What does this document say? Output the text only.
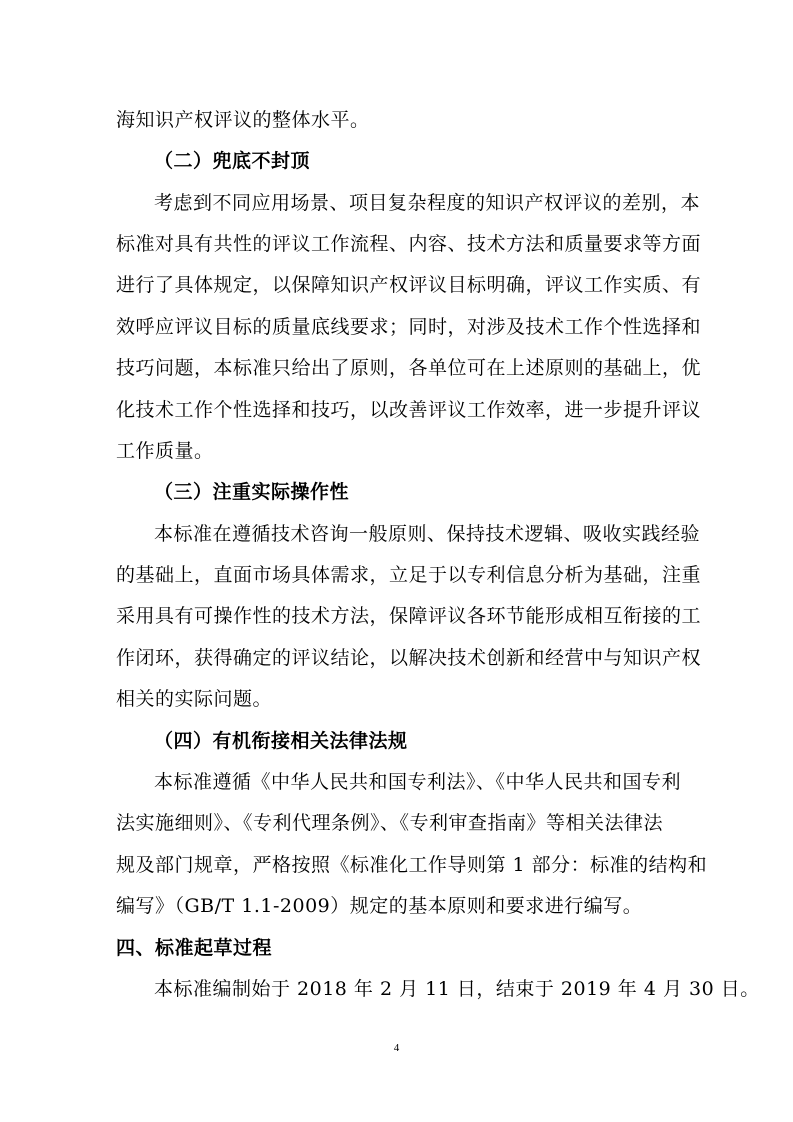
海知识产权评议的整体水平。
（二）兜底不封顶
考虑到不同应用场景、项目复杂程度的知识产权评议的差别，本
标准对具有共性的评议工作流程、内容、技术方法和质量要求等方面
进行了具体规定，以保障知识产权评议目标明确，评议工作实质、有
效呼应评议目标的质量底线要求；同时，对涉及技术工作个性选择和
技巧问题，本标准只给出了原则，各单位可在上述原则的基础上，优
化技术工作个性选择和技巧，以改善评议工作效率，进一步提升评议
工作质量。
（三）注重实际操作性
本标准在遵循技术咨询一般原则、保持技术逻辑、吸收实践经验
的基础上，直面市场具体需求，立足于以专利信息分析为基础，注重
采用具有可操作性的技术方法，保障评议各环节能形成相互衔接的工
作闭环，获得确定的评议结论，以解决技术创新和经营中与知识产权
相关的实际问题。
（四）有机衔接相关法律法规
本标准遵循《中华人民共和国专利法》、《中华人民共和国专利
法实施细则》、《专利代理条例》、《专利审查指南》等相关法律法
规及部门规章，严格按照《标准化工作导则第 1 部分：标准的结构和
编写》（GB/T 1.1-2009）规定的基本原则和要求进行编写。
四、标准起草过程
本标准编制始于 2018 年 2 月 11 日，结束于 2019 年 4 月 30 日。
4
